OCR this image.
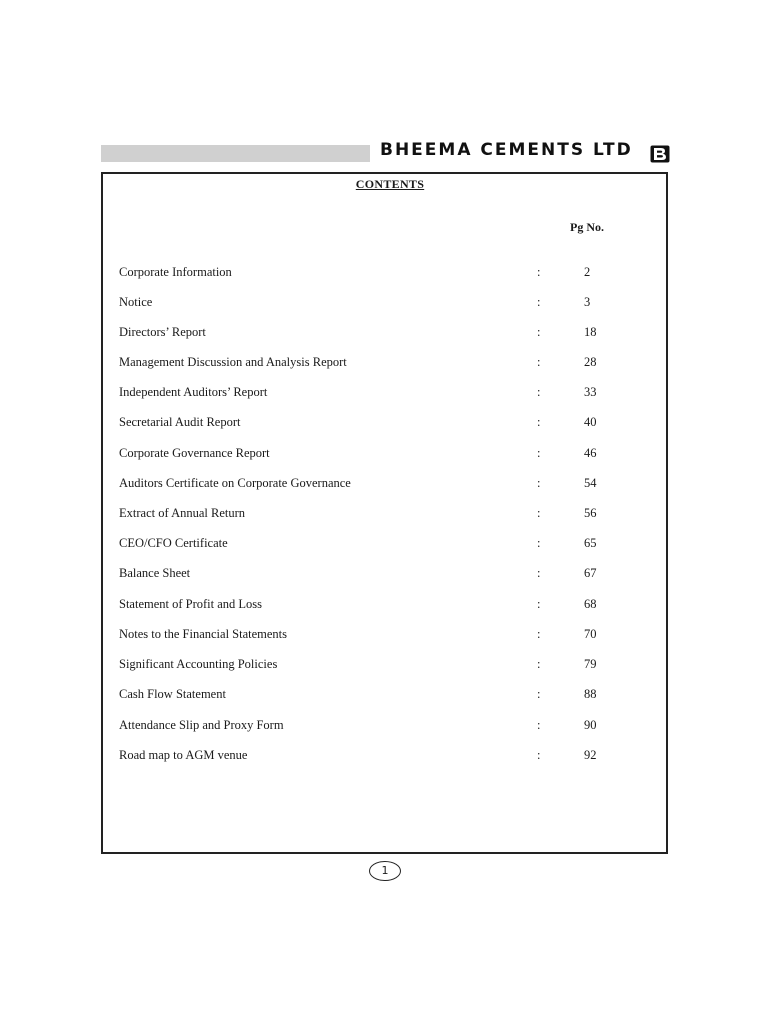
BHEEMA CEMENTS LTD
CONTENTS
Pg No.
Corporate Information	:	2
Notice	:	3
Directors’ Report	:	18
Management Discussion and Analysis Report	:	28
Independent Auditors’ Report	:	33
Secretarial Audit Report	:	40
Corporate Governance Report	:	46
Auditors Certificate on Corporate Governance	:	54
Extract of Annual Return	:	56
CEO/CFO Certificate	:	65
Balance Sheet	:	67
Statement of Profit and Loss	:	68
Notes to the Financial Statements	:	70
Significant Accounting Policies	:	79
Cash Flow Statement	:	88
Attendance Slip and Proxy Form	:	90
Road map to AGM venue	:	92
1
